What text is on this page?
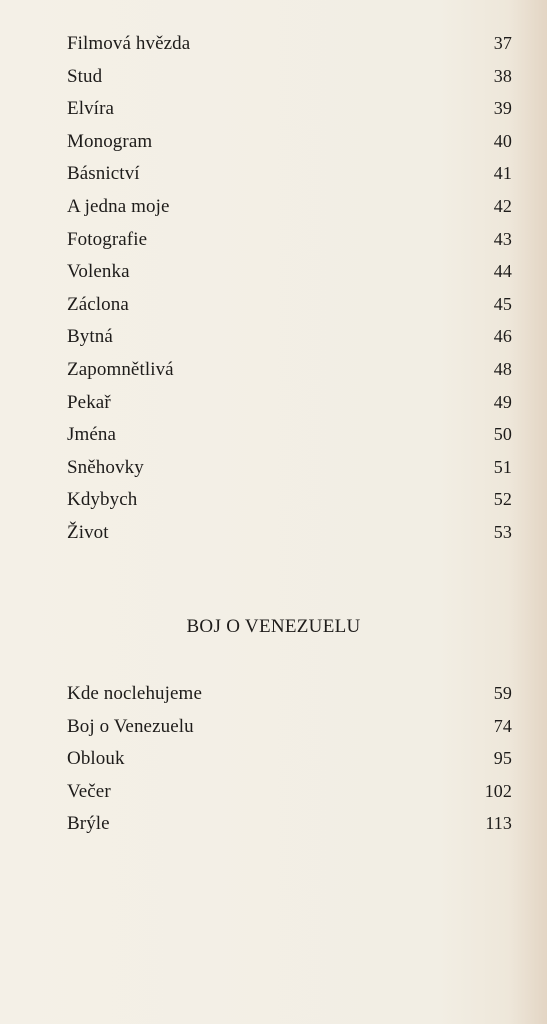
Filmová hvězda	37
Stud	38
Elvíra	39
Monogram	40
Básnictví	41
A jedna moje	42
Fotografie	43
Volenka	44
Záclona	45
Bytná	46
Zapomnětlivá	48
Pekař	49
Jména	50
Sněhovky	51
Kdybych	52
Život	53
BOJ O VENEZUELU
Kde noclehujeme	59
Boj o Venezuelu	74
Oblouk	95
Večer	102
Brýle	113
